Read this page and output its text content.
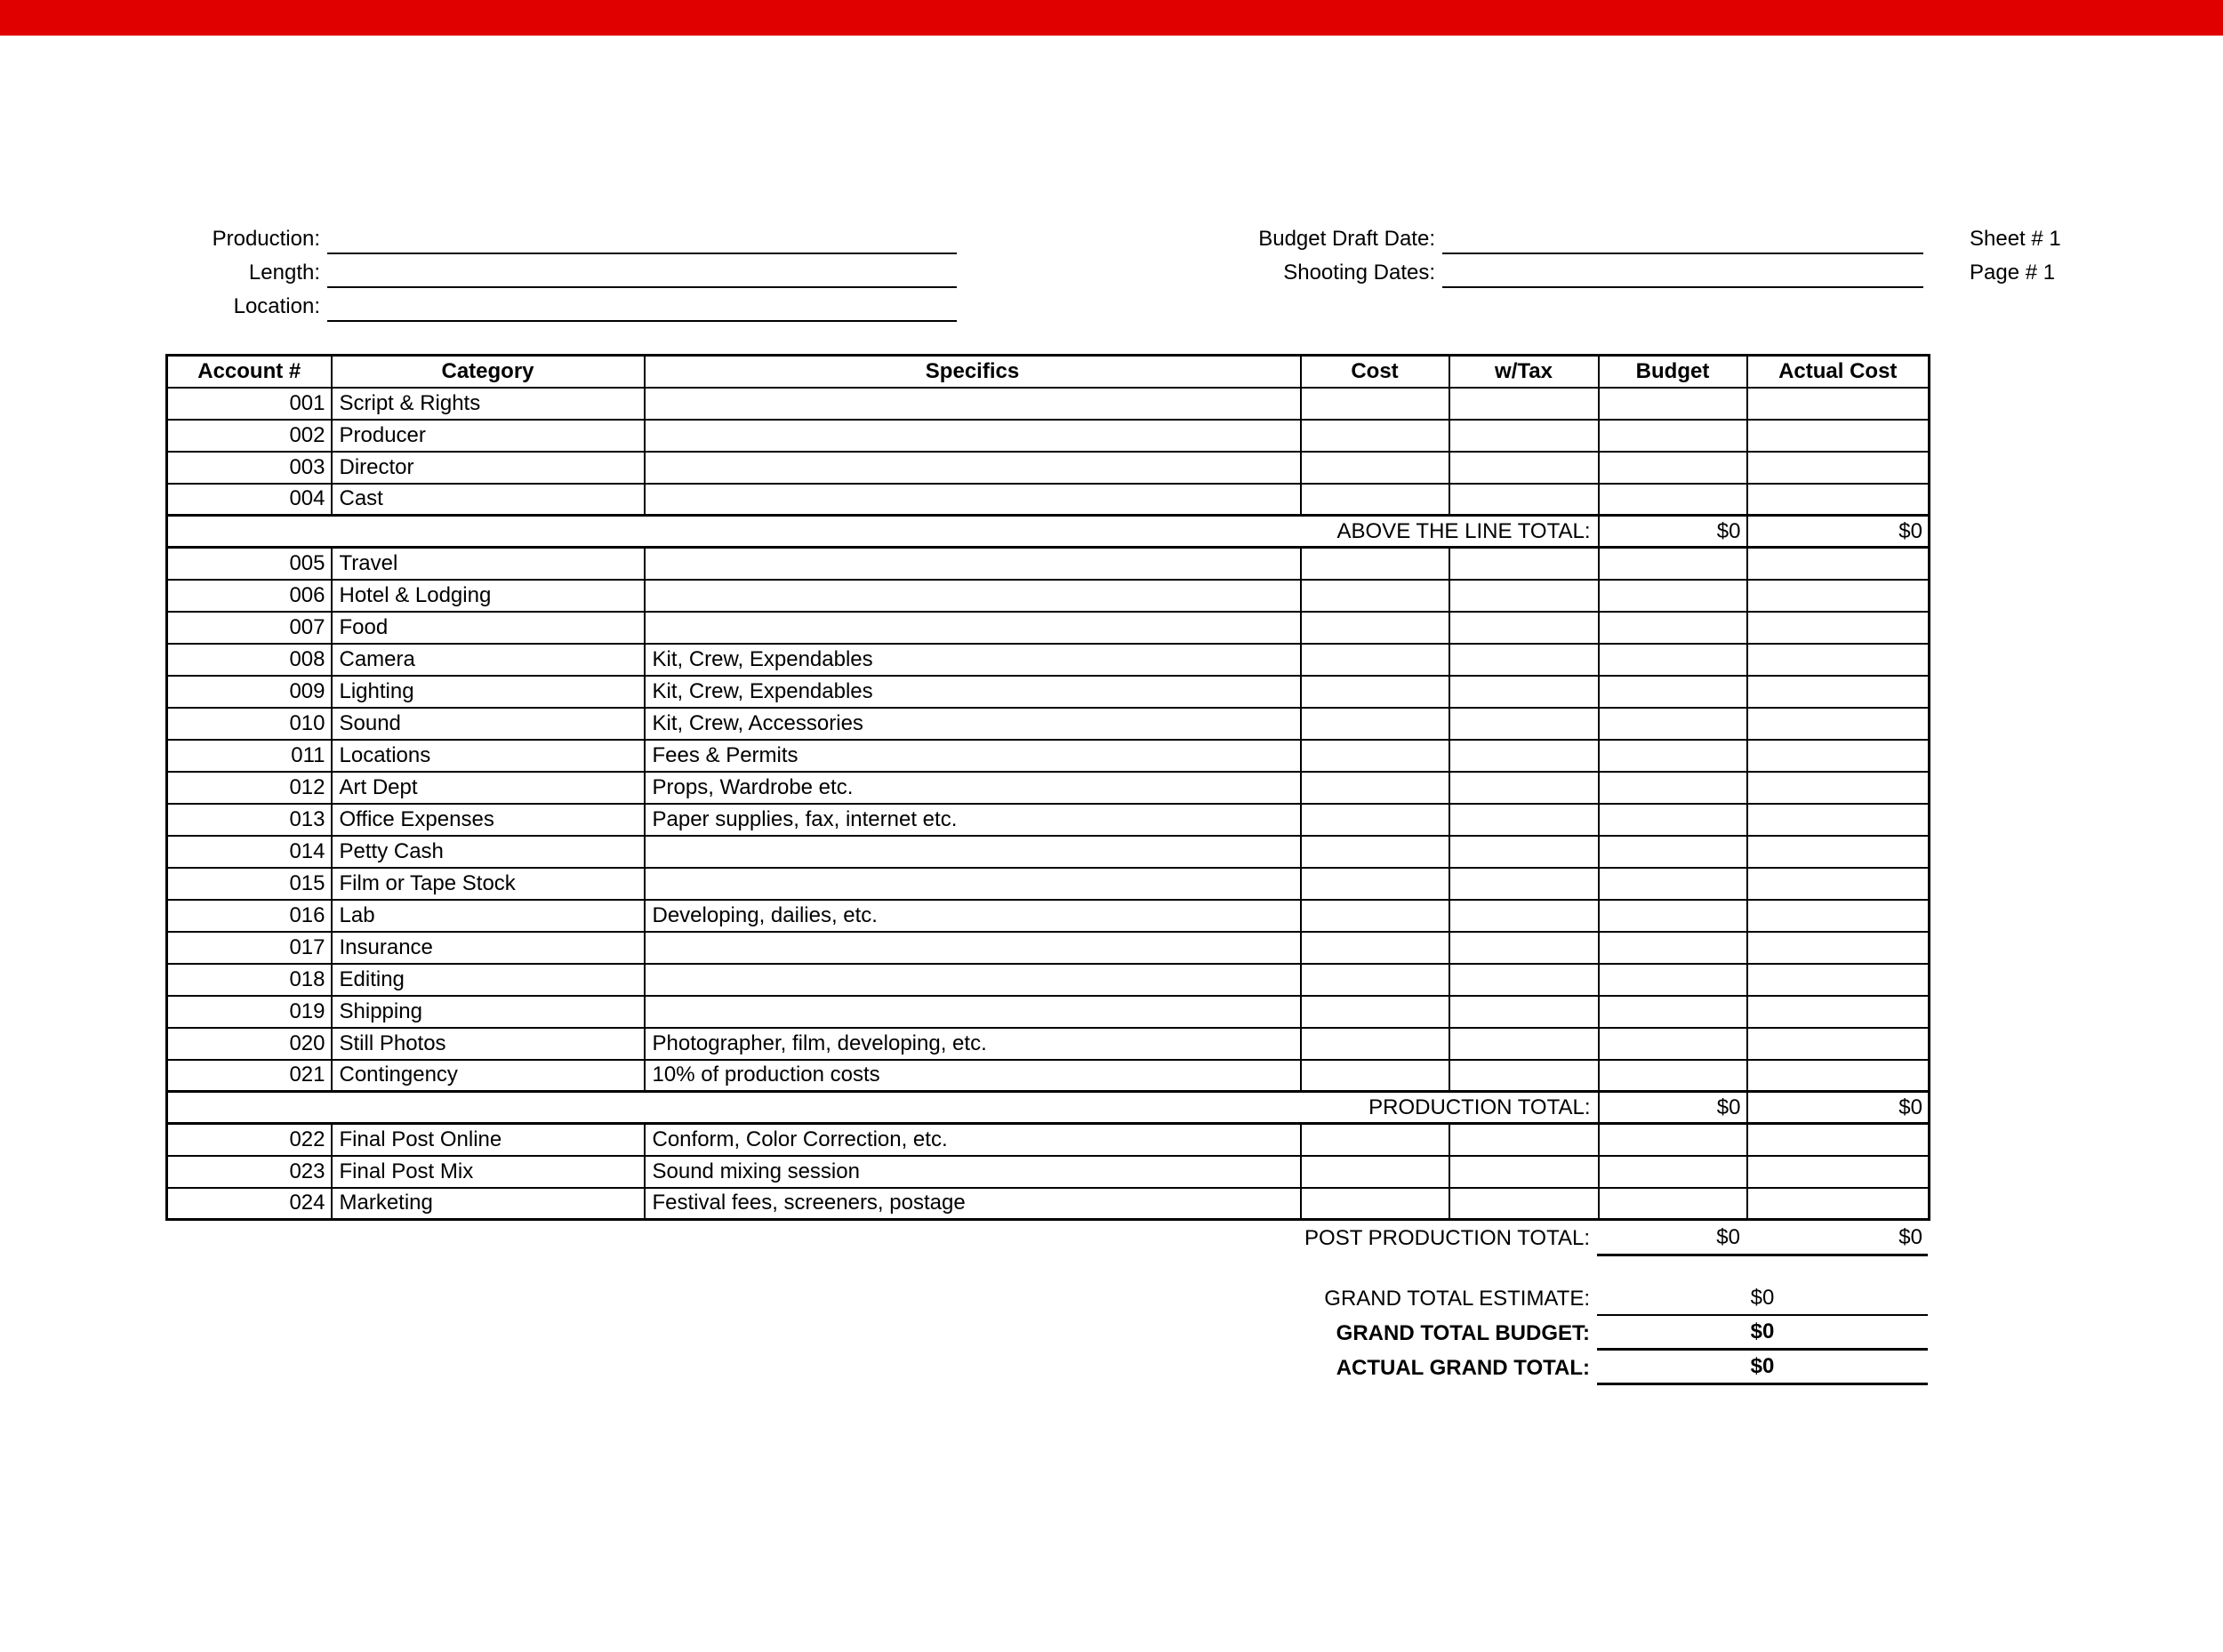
Production:
Length:
Location:
Budget Draft Date:
Shooting Dates:
Sheet # 1
Page # 1
Account #	Category	Specifics	Cost	w/Tax	Budget	Actual Cost
001	Script & Rights					
002	Producer					
003	Director					
004	Cast					
ABOVE THE LINE TOTAL:					$0	$0
005	Travel					
006	Hotel & Lodging					
007	Food					
008	Camera	Kit, Crew, Expendables				
009	Lighting	Kit, Crew, Expendables				
010	Sound	Kit, Crew, Accessories				
011	Locations	Fees & Permits				
012	Art Dept	Props, Wardrobe etc.				
013	Office Expenses	Paper supplies, fax, internet etc.				
014	Petty Cash					
015	Film or Tape Stock					
016	Lab	Developing, dailies, etc.				
017	Insurance					
018	Editing					
019	Shipping					
020	Still Photos	Photographer, film, developing, etc.				
021	Contingency	10% of production costs				
PRODUCTION TOTAL:					$0	$0
022	Final Post Online	Conform, Color Correction, etc.				
023	Final Post Mix	Sound mixing session				
024	Marketing	Festival fees, screeners, postage				
POST PRODUCTION TOTAL:	$0	$0
GRAND TOTAL ESTIMATE:	$0
GRAND TOTAL BUDGET:	$0
ACTUAL GRAND TOTAL:	$0
